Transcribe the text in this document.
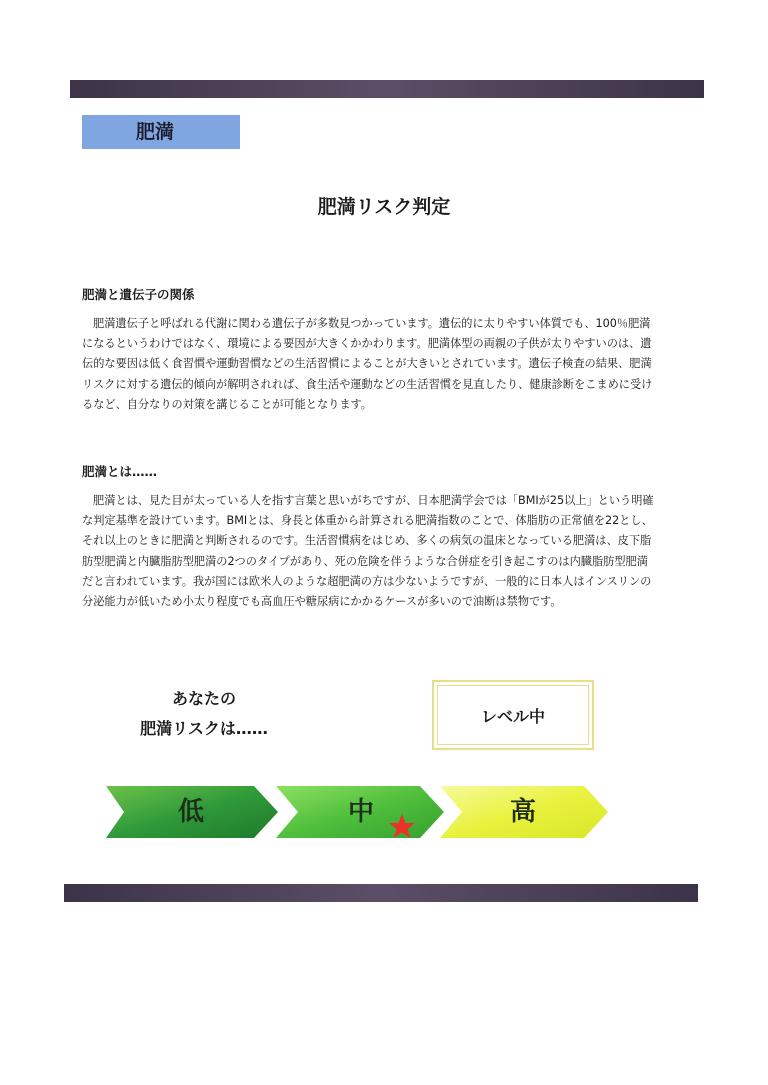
肥満
肥満リスク判定
肥満と遺伝子の関係
肥満遺伝子と呼ばれる代謝に関わる遺伝子が多数見つかっています。遺伝的に太りやすい体質でも、100％肥満
になるというわけではなく、環境による要因が大きくかかわります。肥満体型の両親の子供が太りやすいのは、遺
伝的な要因は低く食習慣や運動習慣などの生活習慣によることが大きいとされています。遺伝子検査の結果、肥満
リスクに対する遺伝的傾向が解明されれば、食生活や運動などの生活習慣を見直したり、健康診断をこまめに受け
るなど、自分なりの対策を講じることが可能となります。
肥満とは……
肥満とは、見た目が太っている人を指す言葉と思いがちですが、日本肥満学会では「BMIが25以上」という明確
な判定基準を設けています。BMIとは、身長と体重から計算される肥満指数のことで、体脂肪の正常値を22とし、
それ以上のときに肥満と判断されるのです。生活習慣病をはじめ、多くの病気の温床となっている肥満は、皮下脂
肪型肥満と内臓脂肪型肥満の2つのタイプがあり、死の危険を伴うような合併症を引き起こすのは内臓脂肪型肥満
だと言われています。我が国には欧米人のような超肥満の方は少ないようですが、一般的に日本人はインスリンの
分泌能力が低いため小太り程度でも高血圧や糖尿病にかかるケースが多いので油断は禁物です。
あなたの
肥満リスクは……
レベル中
低	中	高
